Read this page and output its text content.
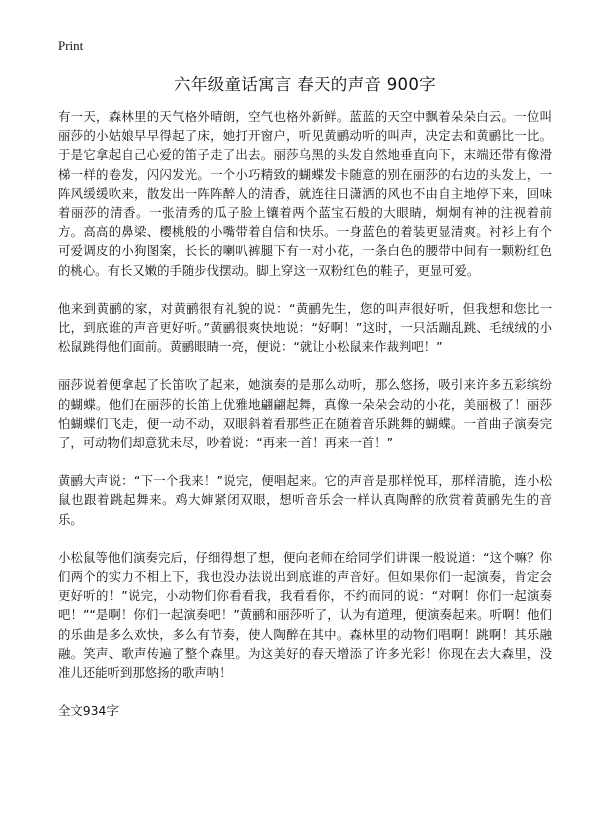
Print
六年级童话寓言 春天的声音 900字

有一天，森林里的天气格外晴朗，空气也格外新鲜。蓝蓝的天空中飘着朵朵白云。一位叫丽莎的小姑娘早早得起了床，她打开窗户，听见黄鹂动听的叫声，决定去和黄鹂比一比。于是它拿起自己心爱的笛子走了出去。丽莎乌黑的头发自然地垂直向下，末端还带有像滑梯一样的卷发，闪闪发光。一个小巧精致的蝴蝶发卡随意的别在丽莎的右边的头发上，一阵风缓缓吹来，散发出一阵阵醉人的清香，就连往日潇洒的风也不由自主地停下来，回味着丽莎的清香。一张清秀的瓜子脸上镶着两个蓝宝石般的大眼睛，炯炯有神的注视着前方。高高的鼻梁、樱桃般的小嘴带着自信和快乐。一身蓝色的着装更显清爽。衬衫上有个可爱调皮的小狗图案，长长的喇叭裤腿下有一对小花，一条白色的腰带中间有一颗粉红色的桃心。有长又嫩的手随步伐摆动。脚上穿这一双粉红色的鞋子，更显可爱。

他来到黄鹂的家，对黄鹂很有礼貌的说：“黄鹂先生，您的叫声很好听，但我想和您比一比，到底谁的声音更好听。”黄鹂很爽快地说：“好啊！”这时，一只活蹦乱跳、毛绒绒的小松鼠跳得他们面前。黄鹂眼睛一亮，便说：“就让小松鼠来作裁判吧！”

丽莎说着便拿起了长笛吹了起来，她演奏的是那么动听，那么悠扬，吸引来许多五彩缤纷的蝴蝶。他们在丽莎的长笛上优雅地翩翩起舞，真像一朵朵会动的小花，美丽极了！丽莎怕蝴蝶们飞走，便一动不动，双眼斜着看那些正在随着音乐跳舞的蝴蝶。一首曲子演奏完了，可动物们却意犹未尽，吵着说：“再来一首！再来一首！”

黄鹂大声说：“下一个我来！”说完，便唱起来。它的声音是那样悦耳，那样清脆，连小松鼠也跟着跳起舞来。鸡大婶紧闭双眼，想听音乐会一样认真陶醉的欣赏着黄鹂先生的音乐。

小松鼠等他们演奏完后，仔细得想了想，便向老师在给同学们讲课一般说道：“这个嘛？你们两个的实力不相上下，我也没办法说出到底谁的声音好。但如果你们一起演奏，肯定会更好听的！”说完，小动物们你看看我，我看看你，不约而同的说：“对啊！你们一起演奏吧！”“是啊！你们一起演奏吧！”黄鹂和丽莎听了，认为有道理，便演奏起来。听啊！他们的乐曲是多么欢快，多么有节奏，使人陶醉在其中。森林里的动物们唱啊！跳啊！其乐融融。笑声、歌声传遍了整个森里。为这美好的春天增添了许多光彩！你现在去大森里，没准儿还能听到那悠扬的歌声呐！

全文934字
